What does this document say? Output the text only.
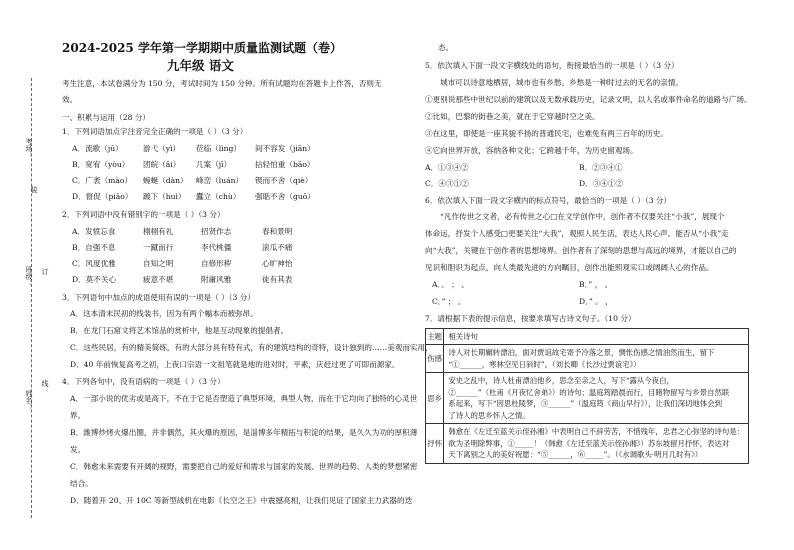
考场：
装
班级： 订
姓名：
线
2024-2025 学年第一学期期中质量监测试题（卷）
九年级 语文
考生注意，本试卷满分为 150 分，考试时间为 150 分钟。所有试题均在答题卡上作答，否则无
效。
一、积累与运用（28 分）
1．下列词语加点字注音完全正确的一项是（ ）（3 分）
A．流歌（jū）	游弋（yì） 莅临（lìng） 间不容发（jiān）
B．宽宥（yòu） 团皖（ǎi） 几案（jī）	拈轻怕重（bāo）
C．广袤（mào） 蜿蜒（dàn） 峰峦（luán） 锲而不舍（qiè）
D．督促（piǎo） 踱下（huì） 蠹立（chù） 强聒不舍（guō）
2．下列词语中没有错别字的一项是（ ）（3 分）
A．发愤忘食	栩栩有礼	招贤作志	春和景明
B．自强不息	一蹴而行	李代桃僵	滚瓜不痛
C．风度优雅	自知之明	自修形秽	心旷神怡
D．莫不关心	疲意不堪	附庸风雅	徒有其表
3．下列语句中加点的成语使用有误的一项是（ ）（3 分）
A．这本清末民初的线装书，因为有两个幅本而被弥昂。
B．在龙门石窟文将艺术馆品的赏析中，他是互动现象的提倡者。
C．这些民居，有的精美简练，有的大部分具有特有式，有的建筑结构的奇特，设计独到的……美观而实用，
D．40 年前恢复高考之初，上夜口宗语一文祖笔就是地的进对时，平素，庆赶过更了可即而源家。
4．下列各句中，没有语病的一项是（ ）（3 分）
A．一部小说的优劣或是高下，不在于它是否塑造了典型环境，典型人物，而在于它均向了独特的心灵世
界。
B．潍博炒烤火爆出圈，并非偶然，其火爆的原因，是淄博多年精拓与积淀的结果，是久久为功的厚积薄
发。
C．韩愈未来需要有开阔的视野，需要把自己的爱好和需求与国家的发展、世界的趋势、人类的梦想紧密
结合。
D．随着开 20、开 10C 等新型战机在电影《长空之王》中震撼亮相，让我们见证了国家主力武器的迭
态。
5．依次填入下面一段文字横线处的语句，衔接最恰当的一项是（ ）（3 分）
城市可以诗意地栖居，城市也有乡愁。乡愁是一种时过去的无名的亲情。
①更别说那些中世纪以前的建筑以及无数承载历史，记录文明，以人名或事件命名的道路与广场。
②比如，巴黎的街巷之美，就在于它穿越时空之美。
③在这里，即使是一座其貌不扬的普通民宅，也难免有两三百年的历史。
④它向世界开放，容纳各种文化；它跨越千年，为历史留观场。
A．①③④②	B．②③④①
C．④③①②	D．③④①②
6．依次填入下面一段文字横内的标点符号，最恰当的一项是（ ）（3 分）
“凡作传世之文者，必有传世之心□在文学创作中，创作者不仅要关注“小我”，展现个
体命运，抒发个人感受□更要关注“大我”，观照人民生活，表达人民心声。能否从“小我”走
向“大我”，关键在于创作者的思想境界。创作者有了深刻的思想与高远的境界，才能以自己的
见识和胆识为起点，向人类最先进的方向瞩目，创作出能照观实口或阔阔人心的作品。
A．。 ； 、	B．” ， 。
C．” ； 。	D．” 。 ，
7．请根据下表的提示信息，按要求填写古诗文句子。（10 分）
主题	相关诗句
伤感	诗人对长期辗转漂泊，面对贾谊故宅寄予冷落之景，惆怅伤感之情油然而生，留下

“①______，寒林空见日斜时”。（刘长卿《长沙过贾谊宅》）

思乡	安史之乱中，诗人杜甫漂泊他乡，思念至亲之人，写下“露从今夜白，

②______”（杜甫《月夜忆舍弟》）的诗句；温庭筠踏晨而行，目睹物留写与乡景自然联

系起来，写下“因思杜陵梦，③______”（温庭筠《商山早行》），让我们深切地体会到

了诗人的思乡怀人之情。

抒怀	韩愈在《左迁至蓝关示侄孙湘》中表明自己不辞劳苦，不惜残年，忠君之心弥坚的诗句是：

欲为圣明除弊事，①_____！（韩愈《左迁至蓝关示侄孙湘》）苏东坡留月抒怀，表达对

天下离别之人的美好祝愿：“⑤______，⑥_____”。（《水调歌头·明月几时有》）
